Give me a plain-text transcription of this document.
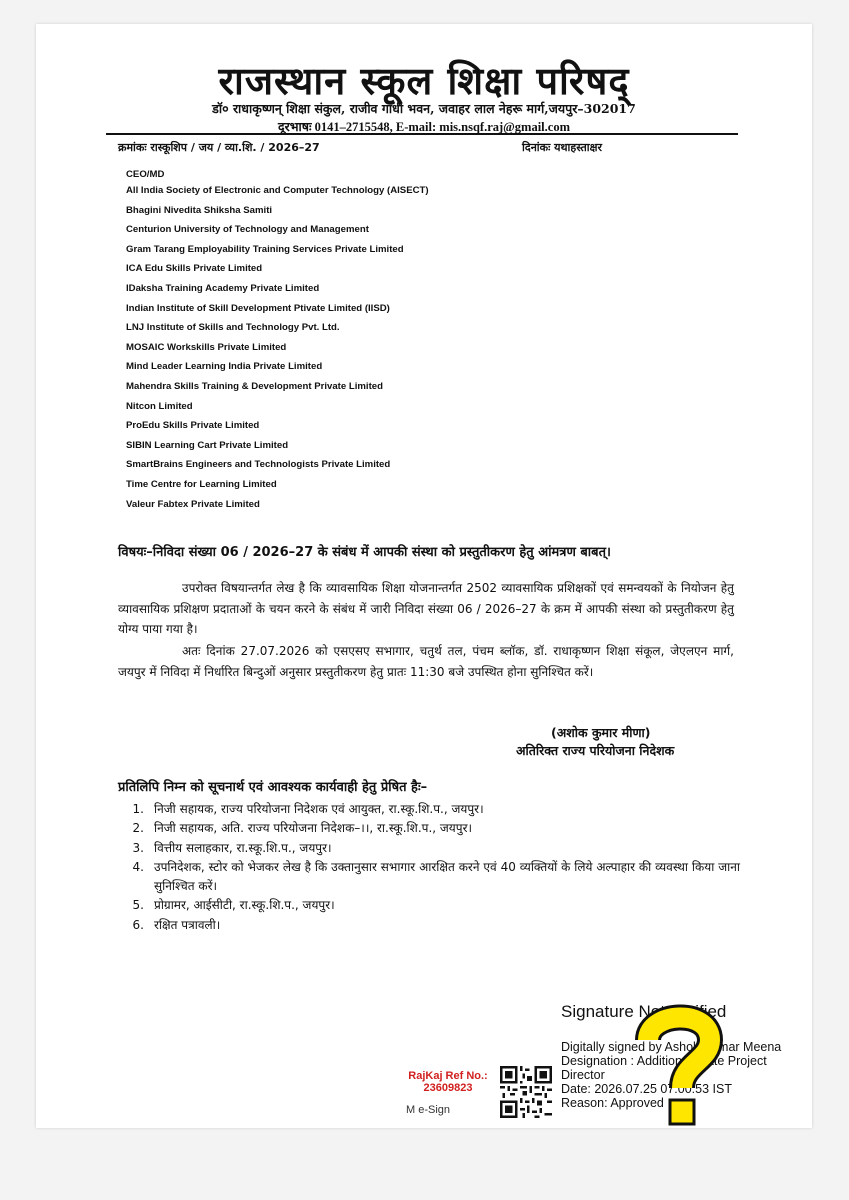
राजस्थान स्कूल शिक्षा परिषद्
डॉ० राधाकृष्णन् शिक्षा संकुल, राजीव गांधी भवन, जवाहर लाल नेहरू मार्ग,जयपुर–302017
दूरभाषः 0141–2715548, E-mail: mis.nsqf.raj@gmail.com
क्रमांकः रास्कूशिप / जय / व्या.शि. / 2026–27	दिनांकः यथाहस्ताक्षर
CEO/MD
All India Society of Electronic and Computer Technology (AISECT)
Bhagini Nivedita Shiksha Samiti
Centurion University of Technology and Management
Gram Tarang Employability Training Services Private Limited
ICA Edu Skills Private Limited
IDaksha Training Academy Private Limited
Indian Institute of Skill Development Ptivate Limited (IISD)
LNJ Institute of Skills and Technology Pvt. Ltd.
MOSAIC Workskills Private Limited
Mind Leader Learning India Private Limited
Mahendra Skills Training & Development Private Limited
Nitcon Limited
ProEdu Skills Private Limited
SIBIN Learning Cart Private Limited
SmartBrains Engineers and Technologists Private Limited
Time Centre for Learning Limited
Valeur Fabtex Private Limited
विषयः–निविदा संख्या 06 / 2026–27 के संबंध में आपकी संस्था को प्रस्तुतीकरण हेतु आंमत्रण बाबत्।
उपरोक्त विषयान्तर्गत लेख है कि व्यावसायिक शिक्षा योजनान्तर्गत 2502 व्यावसायिक प्रशिक्षकों एवं समन्वयकों के नियोजन हेतु व्यावसायिक प्रशिक्षण प्रदाताओं के चयन करने के संबंध में जारी निविदा संख्या 06 / 2026–27 के क्रम में आपकी संस्था को प्रस्तुतीकरण हेतु योग्य पाया गया है।
अतः दिनांक 27.07.2026 को एसएसए सभागार, चतुर्थ तल, पंचम ब्लॉक, डॉ. राधाकृष्णन शिक्षा संकूल, जेएलएन मार्ग, जयपुर में निविदा में निर्धारित बिन्दुओं अनुसार प्रस्तुतीकरण हेतु प्रातः 11:30 बजे उपस्थित होना सुनिश्चित करें।
(अशोक कुमार मीणा)
अतिरिक्त राज्य परियोजना निदेशक
प्रतिलिपि निम्न को सूचनार्थ एवं आवश्यक कार्यवाही हेतु प्रेषित हैः–
1. निजी सहायक, राज्य परियोजना निदेशक एवं आयुक्त, रा.स्कू.शि.प., जयपुर।
2. निजी सहायक, अति. राज्य परियोजना निदेशक–।।, रा.स्कू.शि.प., जयपुर।
3. वित्तीय सलाहकार, रा.स्कू.शि.प., जयपुर।
4. उपनिदेशक, स्टोर को भेजकर लेख है कि उक्तानुसार सभागार आरक्षित करने एवं 40 व्यक्तियों के लिये अल्पाहार की व्यवस्था किया जाना सुनिश्चित करें।
5. प्रोग्रामर, आईसीटी, रा.स्कू.शि.प., जयपुर।
6. रक्षित पत्रावली।
RajKaj Ref No.:
23609823
M e-Sign
Signature Not Verified
Digitally signed by Ashok Kumar Meena
Designation : Additional State Project
Director
Date: 2026.07.25 07:00:53 IST
Reason: Approved
